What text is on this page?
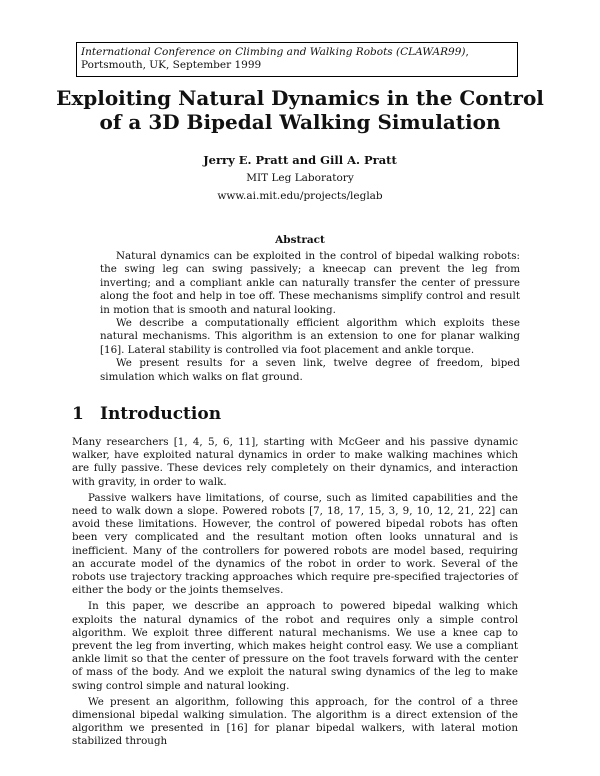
International Conference on Climbing and Walking Robots (CLAWAR99), Portsmouth, UK, September 1999
Exploiting Natural Dynamics in the Control
of a 3D Bipedal Walking Simulation
Jerry E. Pratt and Gill A. Pratt
MIT Leg Laboratory
www.ai.mit.edu/projects/leglab
Abstract

Natural dynamics can be exploited in the control of bipedal walking robots: the swing leg can swing passively; a kneecap can prevent the leg from inverting; and a compliant ankle can naturally transfer the center of pressure along the foot and help in toe off. These mechanisms simplify control and result in motion that is smooth and natural looking.

We describe a computationally efficient algorithm which exploits these natural mechanisms. This algorithm is an extension to one for planar walking [16]. Lateral stability is controlled via foot placement and ankle torque.

We present results for a seven link, twelve degree of freedom, biped simulation which walks on flat ground.

1 Introduction

Many researchers [1, 4, 5, 6, 11], starting with McGeer and his passive dynamic walker, have exploited natural dynamics in order to make walking machines which are fully passive. These devices rely completely on their dynamics, and interaction with gravity, in order to walk.

Passive walkers have limitations, of course, such as limited capabilities and the need to walk down a slope. Powered robots [7, 18, 17, 15, 3, 9, 10, 12, 21, 22] can avoid these limitations. However, the control of powered bipedal robots has often been very complicated and the resultant motion often looks unnatural and is inefficient. Many of the controllers for powered robots are model based, requiring an accurate model of the dynamics of the robot in order to work. Several of the robots use trajectory tracking approaches which require pre-specified trajectories of either the body or the joints themselves.

In this paper, we describe an approach to powered bipedal walking which exploits the natural dynamics of the robot and requires only a simple control algorithm. We exploit three different natural mechanisms. We use a knee cap to prevent the leg from inverting, which makes height control easy. We use a compliant ankle limit so that the center of pressure on the foot travels forward with the center of mass of the body. And we exploit the natural swing dynamics of the leg to make swing control simple and natural looking.

We present an algorithm, following this approach, for the control of a three dimensional bipedal walking simulation. The algorithm is a direct extension of the algorithm we presented in [16] for planar bipedal walkers, with lateral motion stabilized through
